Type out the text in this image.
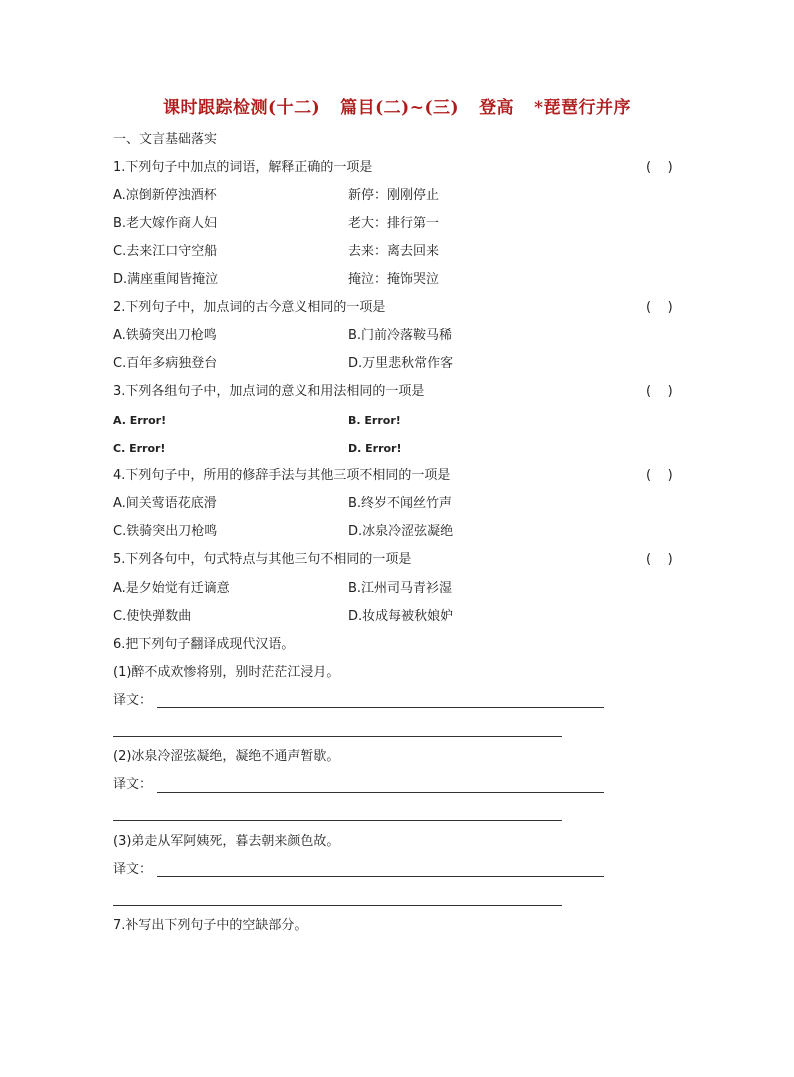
课时跟踪检测(十二) 篇目(二)~(三) 登高 *琵琶行并序
一、文言基础落实
1.下列句子中加点的词语，解释正确的一项是	(    )
A.凉倒新停浊酒杯	新停：刚刚停止
B.老大嫁作商人妇	老大：排行第一
C.去来江口守空船	去来：离去回来
D.满座重闻皆掩泣	掩泣：掩饰哭泣
2.下列句子中，加点词的古今意义相同的一项是	(    )
A.铁骑突出刀枪鸣	B.门前冷落鞍马稀
C.百年多病独登台	D.万里悲秋常作客
3.下列各组句子中，加点词的意义和用法相同的一项是	(    )
A. Error!	B. Error!
C. Error!	D. Error!
4.下列句子中，所用的修辞手法与其他三项不相同的一项是	(    )
A.间关莺语花底滑	B.终岁不闻丝竹声
C.铁骑突出刀枪鸣	D.冰泉冷涩弦凝绝
5.下列各句中，句式特点与其他三句不相同的一项是	(    )
A.是夕始觉有迁谪意	B.江州司马青衫湿
C.使快弹数曲	D.妆成每被秋娘妒
6.把下列句子翻译成现代汉语。
(1)醉不成欢惨将别，别时茫茫江浸月。
译文：
(2)冰泉冷涩弦凝绝，凝绝不通声暂歇。
译文：
(3)弟走从军阿姨死，暮去朝来颜色故。
译文：
7.补写出下列句子中的空缺部分。
